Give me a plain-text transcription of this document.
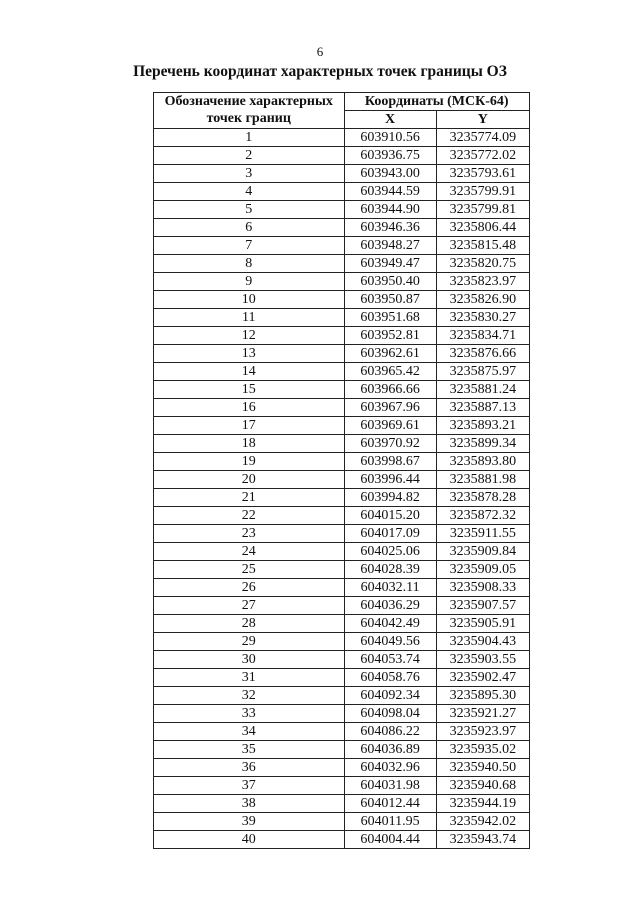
6
Перечень координат характерных точек границы ОЗ
Обозначение характерных
точек границ	Координаты (МСК-64)	
	X	Y
1	603910.56	3235774.09
2	603936.75	3235772.02
3	603943.00	3235793.61
4	603944.59	3235799.91
5	603944.90	3235799.81
6	603946.36	3235806.44
7	603948.27	3235815.48
8	603949.47	3235820.75
9	603950.40	3235823.97
10	603950.87	3235826.90
11	603951.68	3235830.27
12	603952.81	3235834.71
13	603962.61	3235876.66
14	603965.42	3235875.97
15	603966.66	3235881.24
16	603967.96	3235887.13
17	603969.61	3235893.21
18	603970.92	3235899.34
19	603998.67	3235893.80
20	603996.44	3235881.98
21	603994.82	3235878.28
22	604015.20	3235872.32
23	604017.09	3235911.55
24	604025.06	3235909.84
25	604028.39	3235909.05
26	604032.11	3235908.33
27	604036.29	3235907.57
28	604042.49	3235905.91
29	604049.56	3235904.43
30	604053.74	3235903.55
31	604058.76	3235902.47
32	604092.34	3235895.30
33	604098.04	3235921.27
34	604086.22	3235923.97
35	604036.89	3235935.02
36	604032.96	3235940.50
37	604031.98	3235940.68
38	604012.44	3235944.19
39	604011.95	3235942.02
40	604004.44	3235943.74
